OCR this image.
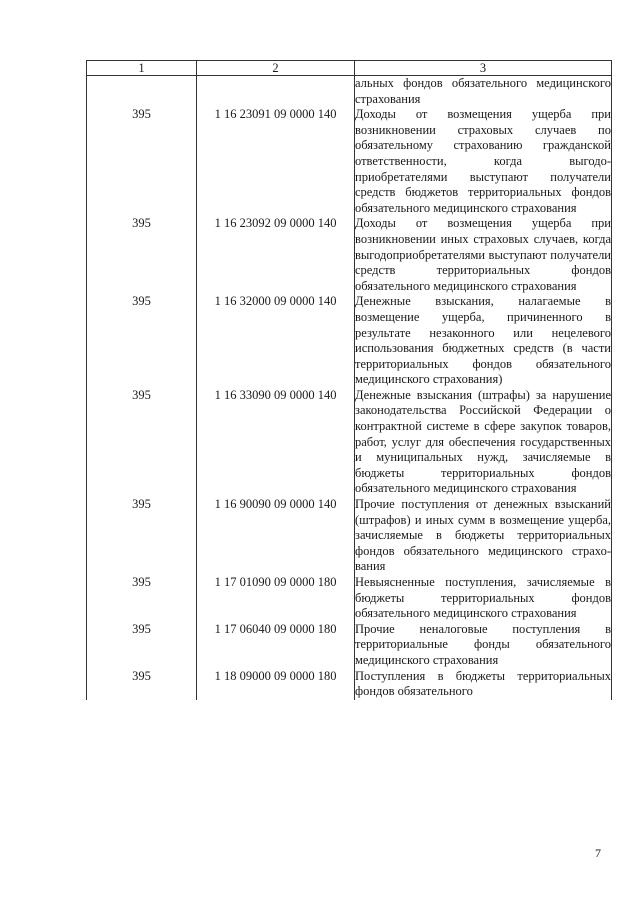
1	2	3
		альных фондов обязательного медицинского страхования
395	1 16 23091 09 0000 140	Доходы от возмещения ущерба при возникновении страховых случаев по обязательному страхованию гражданской ответственности, когда выгодоприобретателями выступают получатели средств бюджетов территориальных фондов обязательного медицинского страхования
395	1 16 23092 09 0000 140	Доходы от возмещения ущерба при возникновении иных страховых случаев, когда выгодоприобретателями выступают получатели средств территориальных фондов обязательного медицинского страхования
395	1 16 32000 09 0000 140	Денежные взыскания, налагаемые в возмещение ущерба, причиненного в результате незаконного или нецелевого использования бюджетных средств (в части территориальных фондов обязательного медицинского страхования)
395	1 16 33090 09 0000 140	Денежные взыскания (штрафы) за нарушение законодательства Российской Федерации о контрактной системе в сфере закупок товаров, работ, услуг для обеспечения государственных и муниципальных нужд, зачисляемые в бюджеты территориальных фондов обязательного медицинского страхования
395	1 16 90090 09 0000 140	Прочие поступления от денежных взысканий (штрафов) и иных сумм в возмещение ущерба, зачисляемые в бюджеты территориальных фондов обязательного медицинского страхования
395	1 17 01090 09 0000 180	Невыясненные поступления, зачисляемые в бюджеты территориальных фондов обязательного медицинского страхования
395	1 17 06040 09 0000 180	Прочие неналоговые поступления в территориальные фонды обязательного медицинского страхования
395	1 18 09000 09 0000 180	Поступления в бюджеты территориальных фондов обязательного
7
